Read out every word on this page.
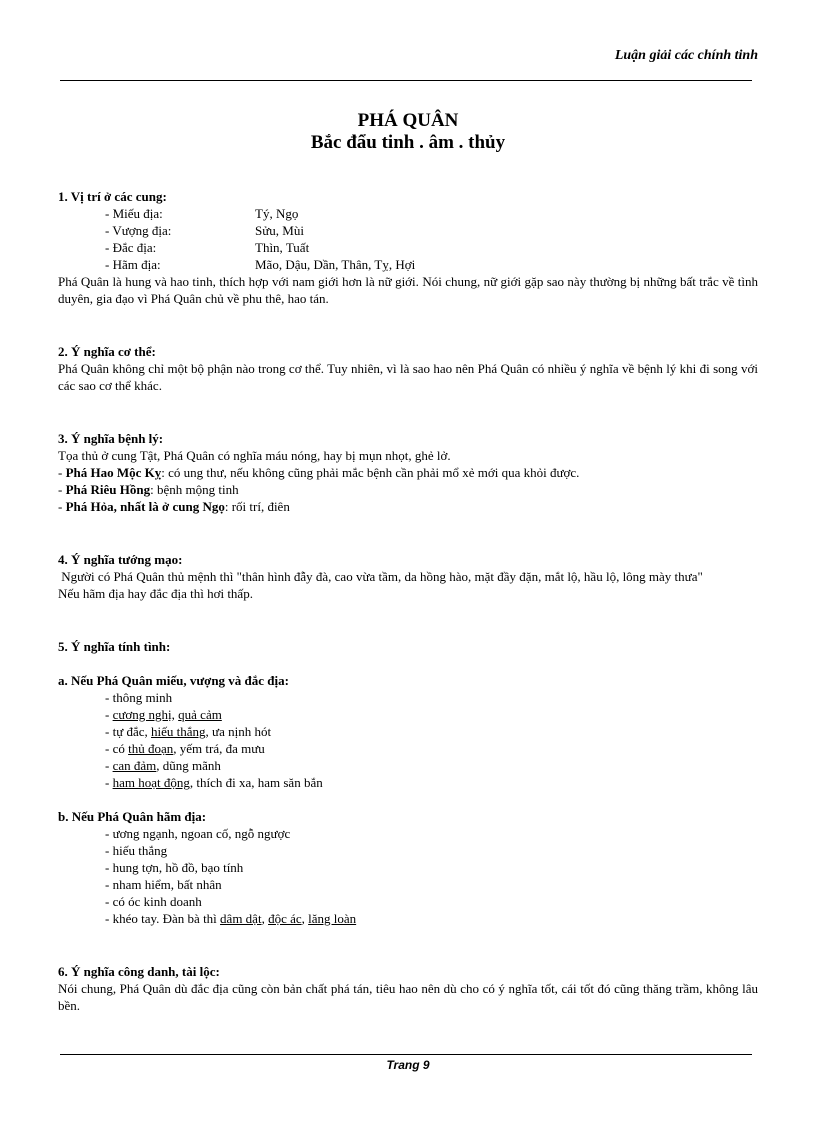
Luận giải các chính tinh
PHÁ QUÂN
Bắc đẩu tinh . âm . thủy
1. Vị trí ở các cung:
- Miếu địa:	Tý, Ngọ
- Vượng địa:	Sửu, Mùi
- Đắc địa:	Thìn, Tuất
- Hãm địa:	Mão, Dậu, Dần, Thân, Tỵ, Hợi
Phá Quân là hung và hao tinh, thích hợp với nam giới hơn là nữ giới. Nói chung, nữ giới gặp sao này thường bị những bất trắc về tình duyên, gia đạo vì Phá Quân chủ về phu thê, hao tán.
2. Ý nghĩa cơ thể:
Phá Quân không chỉ một bộ phận nào trong cơ thể. Tuy nhiên, vì là sao hao nên Phá Quân có nhiều ý nghĩa về bệnh lý khi đi song với các sao cơ thể khác.
3. Ý nghĩa bệnh lý:
Tọa thủ ở cung Tật, Phá Quân có nghĩa máu nóng, hay bị mụn nhọt, ghẻ lở.
- Phá Hao Mộc Kỵ: có ung thư, nếu không cũng phải mắc bệnh cần phải mổ xẻ mới qua khỏi được.
- Phá Riêu Hồng: bệnh mộng tinh
- Phá Hỏa, nhất là ở cung Ngọ: rối trí, điên
4. Ý nghĩa tướng mạo:
Người có Phá Quân thủ mệnh thì "thân hình đẫy đà, cao vừa tầm, da hồng hào, mặt đầy đặn, mắt lộ, hầu lộ, lông mày thưa"
Nếu hãm địa hay đắc địa thì hơi thấp.
5. Ý nghĩa tính tình:
a. Nếu Phá Quân miếu, vượng và đắc địa:
- thông minh
- cương nghị, quả cảm
- tự đắc, hiếu thắng, ưa nịnh hót
- có thủ đoạn, yếm trá, đa mưu
- can đảm, dũng mãnh
- ham hoạt động, thích đi xa, ham săn bắn
b. Nếu Phá Quân hãm địa:
- ương ngạnh, ngoan cố, ngỗ ngược
- hiếu thắng
- hung tợn, hồ đồ, bạo tính
- nham hiểm, bất nhân
- có óc kinh doanh
- khéo tay. Đàn bà thì dâm dật, độc ác, lăng loàn
6. Ý nghĩa công danh, tài lộc:
Nói chung, Phá Quân dù đắc địa cũng còn bản chất phá tán, tiêu hao nên dù cho có ý nghĩa tốt, cái tốt đó cũng thăng trầm, không lâu bền.
Trang 9
